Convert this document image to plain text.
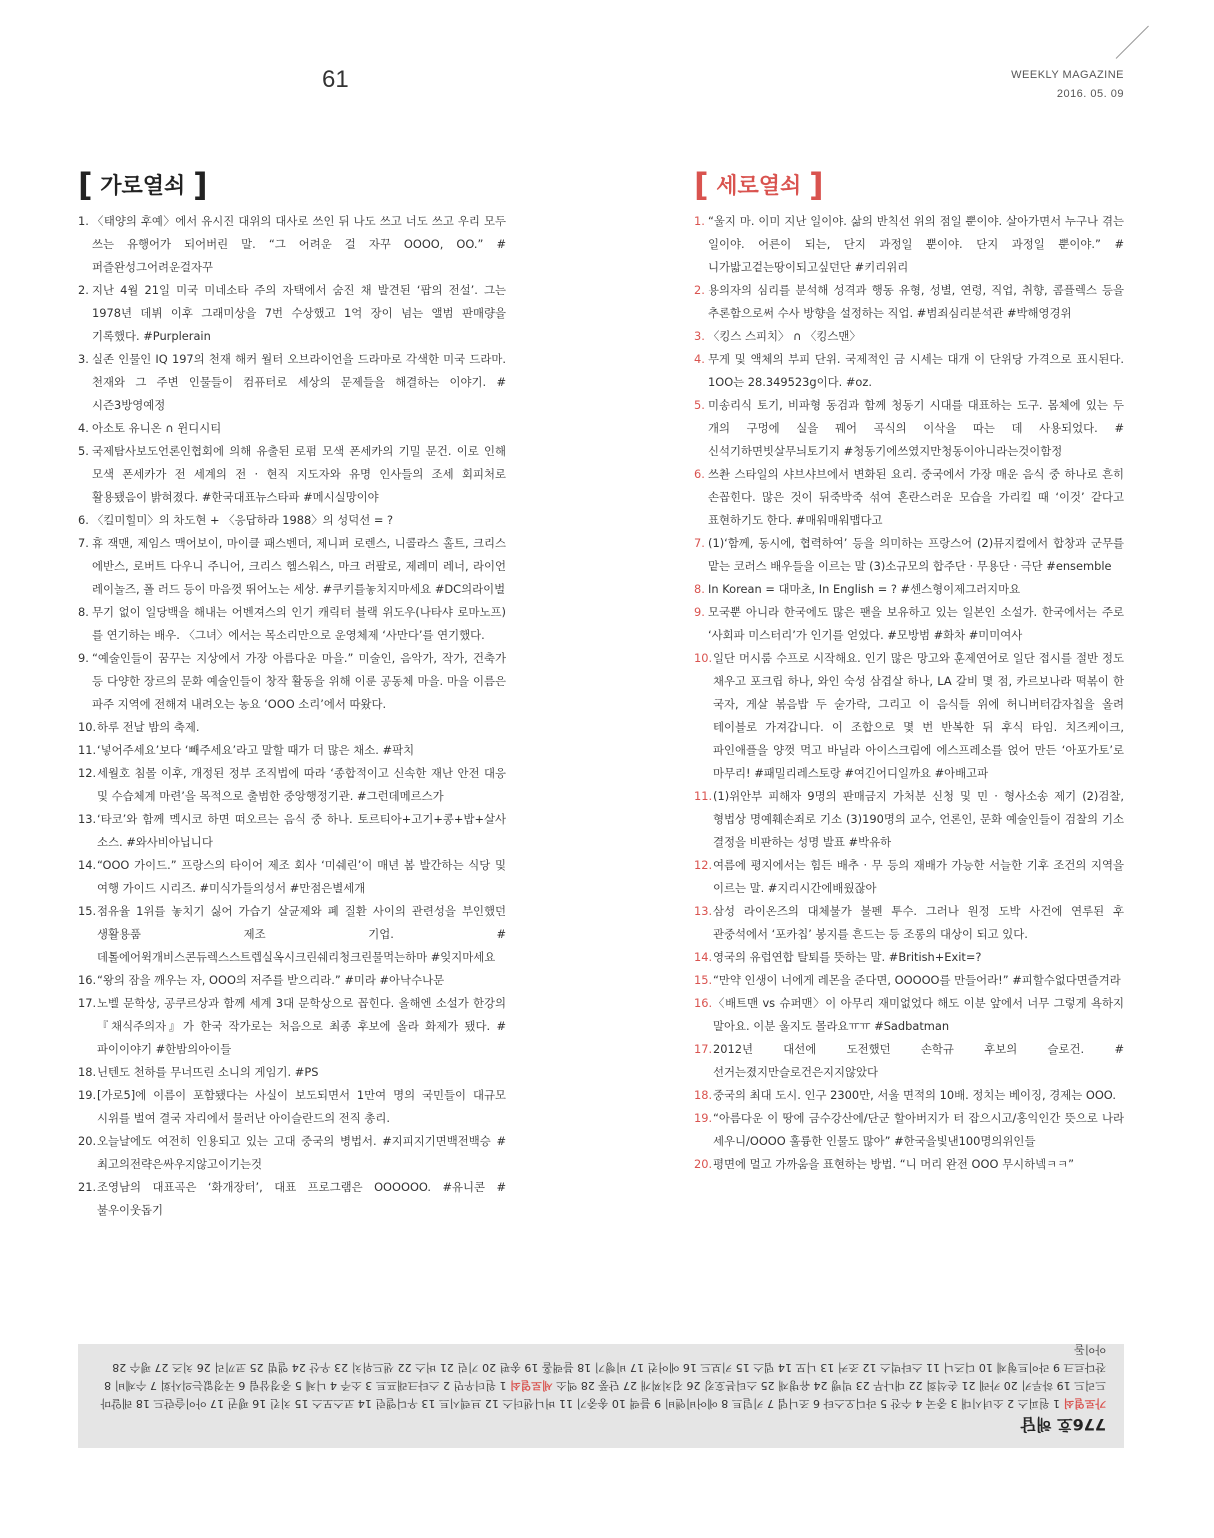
61	WEEKLY MAGAZINE
2016. 05. 09
[ 가로열쇠 ]
1. 〈태양의 후예〉에서 유시진 대위의 대사로 쓰인 뒤 나도 쓰고 너도 쓰고 우리 모두 쓰는 유행어가 되어버린 말. “그 어려운 걸 자꾸 OOOO, OO.” #퍼즐완성그어려운걸자꾸
2. 지난 4월 21일 미국 미네소타 주의 자택에서 숨진 채 발견된 ‘팝의 전설’. 그는 1978년 데뷔 이후 그래미상을 7번 수상했고 1억 장이 넘는 앨범 판매량을 기록했다. #Purplerain
3. 실존 인물인 IQ 197의 천재 해커 월터 오브라이언을 드라마로 각색한 미국 드라마. 천재와 그 주변 인물들이 컴퓨터로 세상의 문제들을 해결하는 이야기. #시즌3방영예정
4. 아소토 유니온 ∩ 윈디시티
5. 국제탐사보도언론인협회에 의해 유출된 로펌 모색 폰세카의 기밀 문건. 이로 인해 모색 폰세카가 전 세계의 전 · 현직 지도자와 유명 인사들의 조세 회피처로 활용됐음이 밝혀졌다. #한국대표뉴스타파 #메시실망이야
6. 〈킬미힐미〉의 차도현 + 〈응답하라 1988〉의 성덕선 = ?
7. 휴 잭맨, 제임스 맥어보이, 마이클 패스벤더, 제니퍼 로렌스, 니콜라스 홀트, 크리스 에반스, 로버트 다우니 주니어, 크리스 헴스워스, 마크 러팔로, 제레미 레너, 라이언 레이놀즈, 폴 러드 등이 마음껏 뛰어노는 세상. #쿠키를놓치지마세요 #DC의라이벌
8. 무기 없이 일당백을 해내는 어벤져스의 인기 캐릭터 블랙 위도우(나타샤 로마노프)를 연기하는 배우. 〈그녀〉에서는 목소리만으로 운영체제 ‘사만다’를 연기했다.
9. “예술인들이 꿈꾸는 지상에서 가장 아름다운 마을.” 미술인, 음악가, 작가, 건축가 등 다양한 장르의 문화 예술인들이 창작 활동을 위해 이룬 공동체 마을. 마을 이름은 파주 지역에 전해져 내려오는 농요 ‘OOO 소리’에서 따왔다.
10. 하루 전날 밤의 축제.
11. ‘넣어주세요’보다 ‘빼주세요’라고 말할 때가 더 많은 채소. #팍치
12. 세월호 침몰 이후, 개정된 정부 조직법에 따라 ‘종합적이고 신속한 재난 안전 대응 및 수습체계 마련’을 목적으로 출범한 중앙행정기관. #그런데메르스가
13. ‘타코’와 함께 멕시코 하면 떠오르는 음식 중 하나. 토르티아+고기+콩+밥+살사 소스. #와사비아닙니다
14. “OOO 가이드.” 프랑스의 타이어 제조 회사 ‘미쉐린’이 매년 봄 발간하는 식당 및 여행 가이드 시리즈. #미식가들의성서 #만점은별세개
15. 점유율 1위를 놓치기 싫어 가습기 살균제와 폐 질환 사이의 관련성을 부인했던 생활용품 제조 기업. #데톨에어윅개비스콘듀렉스스트렙실옥시크린쉐리청크린물먹는하마 #잊지마세요
16. “왕의 잠을 깨우는 자, OOO의 저주를 받으리라.” #미라 #아낙수나문
17. 노벨 문학상, 공쿠르상과 함께 세계 3대 문학상으로 꼽힌다. 올해엔 소설가 한강의 『채식주의자』가 한국 작가로는 처음으로 최종 후보에 올라 화제가 됐다. #파이이야기 #한밤의아이들
18. 닌텐도 천하를 무너뜨린 소니의 게임기. #PS
19. [가로5]에 이름이 포함됐다는 사실이 보도되면서 1만여 명의 국민들이 대규모 시위를 벌여 결국 자리에서 물러난 아이슬란드의 전직 총리.
20. 오늘날에도 여전히 인용되고 있는 고대 중국의 병법서. #지피지기면백전백승 #최고의전략은싸우지않고이기는것
21. 조영남의 대표곡은 ‘화개장터’, 대표 프로그램은 OOOOOO. #유니콘 #불우이웃돕기
[ 세로열쇠 ]
1. “울지 마. 이미 지난 일이야. 삶의 반칙선 위의 점일 뿐이야. 살아가면서 누구나 겪는 일이야. 어른이 되는, 단지 과정일 뿐이야. 단지 과정일 뿐이야.” #니가밟고겉는땅이되고싶던단 #키리위리
2. 용의자의 심리를 분석해 성격과 행동 유형, 성별, 연령, 직업, 취향, 콤플렉스 등을 추론함으로써 수사 방향을 설정하는 직업. #범죄심리분석관 #박해영경위
3. 〈킹스 스피치〉 ∩ 〈킹스맨〉
4. 무게 및 액체의 부피 단위. 국제적인 금 시세는 대개 이 단위당 가격으로 표시된다. 1OO는 28.349523g이다. #oz.
5. 미송리식 토기, 비파형 동검과 함께 청동기 시대를 대표하는 도구. 몸체에 있는 두 개의 구멍에 실을 꿰어 곡식의 이삭을 따는 데 사용되었다. #신석기하면빗살무늬토기지 #청동기에쓰였지만청동이아니라는것이함정
6. 쓰촨 스타일의 샤브샤브에서 변화된 요리. 중국에서 가장 매운 음식 중 하나로 흔히 손꼽힌다. 많은 것이 뒤죽박죽 섞여 혼란스러운 모습을 가리킬 때 ‘이것’ 같다고 표현하기도 한다. #매워매워맵다고
7. (1)‘함께, 동시에, 협력하여’ 등을 의미하는 프랑스어 (2)뮤지컬에서 합창과 군무를 맡는 코러스 배우들을 이르는 말 (3)소규모의 합주단 · 무용단 · 극단 #ensemble
8. In Korean = 대마초, In English = ? #센스형이제그러지마요
9. 모국뿐 아니라 한국에도 많은 팬을 보유하고 있는 일본인 소설가. 한국에서는 주로 ‘사회파 미스터리’가 인기를 얻었다. #모방범 #화차 #미미여사
10. 일단 머시룸 수프로 시작해요. 인기 많은 망고와 훈제연어로 일단 접시를 절반 정도 채우고 포크립 하나, 와인 숙성 삼겹살 하나, LA 갈비 몇 점, 카르보나라 떡볶이 한 국자, 게살 볶음밥 두 숟가락, 그리고 이 음식들 위에 허니버터감자칩을 올려 테이블로 가져갑니다. 이 조합으로 몇 번 반복한 뒤 후식 타임. 치즈케이크, 파인애플을 양껏 먹고 바닐라 아이스크림에 에스프레소를 얹어 만든 ‘아포가토’로 마무리! #패밀리레스토랑 #여긴어디일까요 #아배고파
11. (1)위안부 피해자 9명의 판매금지 가처분 신청 및 민 · 형사소송 제기 (2)검찰, 형법상 명예훼손죄로 기소 (3)190명의 교수, 언론인, 문화 예술인들이 검찰의 기소 결정을 비판하는 성명 발표 #박유하
12. 여름에 평지에서는 힘든 배추 · 무 등의 재배가 가능한 서늘한 기후 조건의 지역을 이르는 말. #지리시간에배웠잖아
13. 삼성 라이온즈의 대체불가 불펜 투수. 그러나 원정 도박 사건에 연루된 후 관중석에서 ‘포카칩’ 봉지를 흔드는 등 조롱의 대상이 되고 있다.
14. 영국의 유럽연합 탈퇴를 뜻하는 말. #British+Exit=?
15. “만약 인생이 너에게 레몬을 준다면, OOOOO를 만들어라!” #피할수없다면즐겨라
16. 〈배트맨 vs 슈퍼맨〉이 아무리 재미없었다 해도 이분 앞에서 너무 그렇게 욕하지 말아요. 이분 울지도 몰라요ㅠㅠ #Sadbatman
17. 2012년 대선에 도전했던 손학규 후보의 슬로건. #선거는졌지만슬로건은지지않았다
18. 중국의 최대 도시. 인구 2300만, 서울 면적의 10배. 정치는 베이징, 경제는 OOO.
19. “아름다운 이 땅에 금수강산에/단군 할아버지가 터 잡으시고/홍익인간 뜻으로 나라 세우니/OOOO 훌륭한 인물도 많아” #한국을빛낸100명의위인들
20. 평면에 멀고 가까움을 표현하는 방법. “니 머리 완전 OOO 무시하넼ㅋㅋ”
776호 해답
가로열쇠 1 원피스 2 소녀시대 3 중국 4 수잔 5 라디오스타 6 조니뎁 7 키덜트 8 에어비앤비 9 블랙 10 송중기 11 버니샌더스 12 브렉시트 13 우디앨런 14 코스모스 15 치킨 16 펭귄 17 아이슬란드 18 레알마드리드 19 하루키 20 카레 21 손석희 22 대나무 23 빅뱅 24 유병재 25 스티븐호킹 26 김치찌개 27 단풍 28 엑소 세로열쇠 1 원더우먼 2 스타크래프트 3 소주 4 니체 5 중경삼림 6 국경없는의사회 7 수제비 8 잔다르크 9 라이트형제 10 디즈니 11 스타벅스 12 조커 13 니모 14 뎁스 15 키보드 16 에어컨 17 비행기 18 블랙홀 19 송편 20 기린 21 버스 22 샌드위치 23 우산 24 앨범 25 코끼리 26 치즈 27 펭수 28 아이돌
